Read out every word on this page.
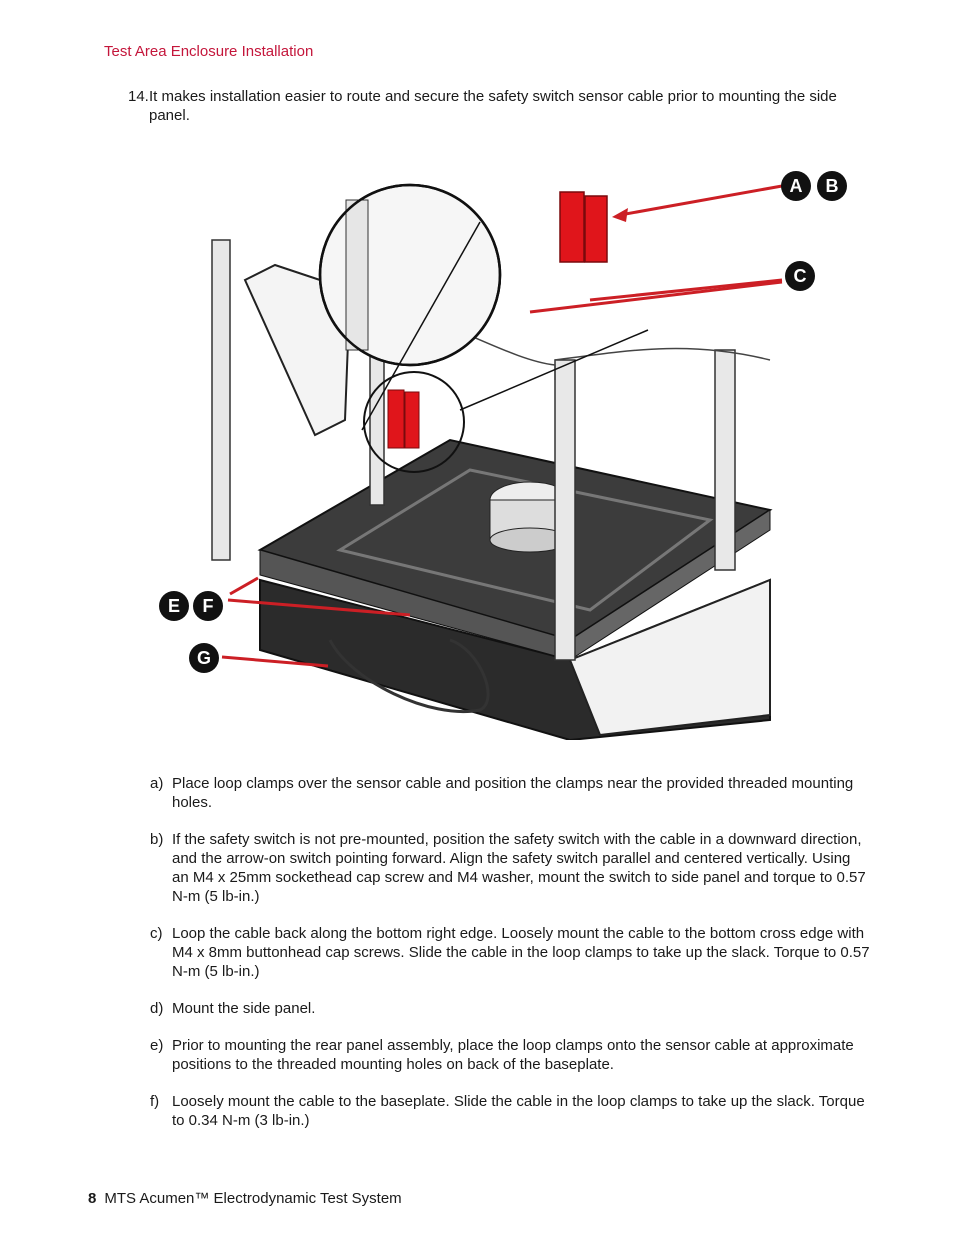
Test Area Enclosure Installation
14. It makes installation easier to route and secure the safety switch sensor cable prior to mounting the side panel.
A B
C
E F
G
a) Place loop clamps over the sensor cable and position the clamps near the provided threaded mounting holes.
b) If the safety switch is not pre-mounted, position the safety switch with the cable in a downward direction, and the arrow-on switch pointing forward. Align the safety switch parallel and centered vertically. Using an M4 x 25mm sockethead cap screw and M4 washer, mount the switch to side panel and torque to 0.57 N-m (5 lb-in.)
c) Loop the cable back along the bottom right edge. Loosely mount the cable to the bottom cross edge with M4 x 8mm buttonhead cap screws. Slide the cable in the loop clamps to take up the slack. Torque to 0.57 N-m (5 lb-in.)
d) Mount the side panel.
e) Prior to mounting the rear panel assembly, place the loop clamps onto the sensor cable at approximate positions to the threaded mounting holes on back of the baseplate.
f) Loosely mount the cable to the baseplate. Slide the cable in the loop clamps to take up the slack. Torque to 0.34 N-m (3 lb-in.)
8 MTS Acumen™ Electrodynamic Test System
